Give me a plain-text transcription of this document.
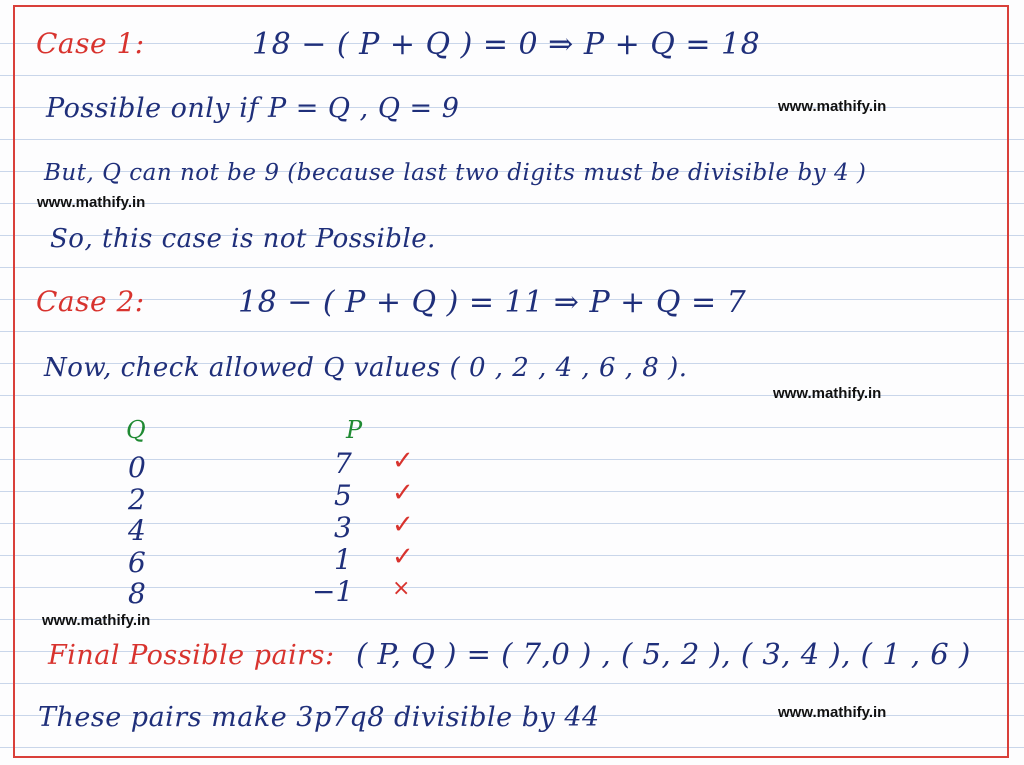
Case 1:	18 − ( P + Q ) = 0 ⇒ P + Q = 18
Possible only if P = Q , Q = 9	www.mathify.in
But, Q can not be 9 (because last two digits must be divisible by 4 )
www.mathify.in
So, this case is not Possible.
Case 2:	18 − ( P + Q ) = 11 ⇒ P + Q = 7
Now, check allowed Q values ( 0 , 2 , 4 , 6 , 8 ).
www.mathify.in
Q	P
0	7 ✓
2	5 ✓
4	3 ✓
6	1 ✓
8	−1 ×
www.mathify.in
Final Possible pairs: ( P, Q ) = ( 7,0 ) , ( 5, 2 ), ( 3, 4 ), ( 1 , 6 )
These pairs make 3p7q8 divisible by 44	www.mathify.in
